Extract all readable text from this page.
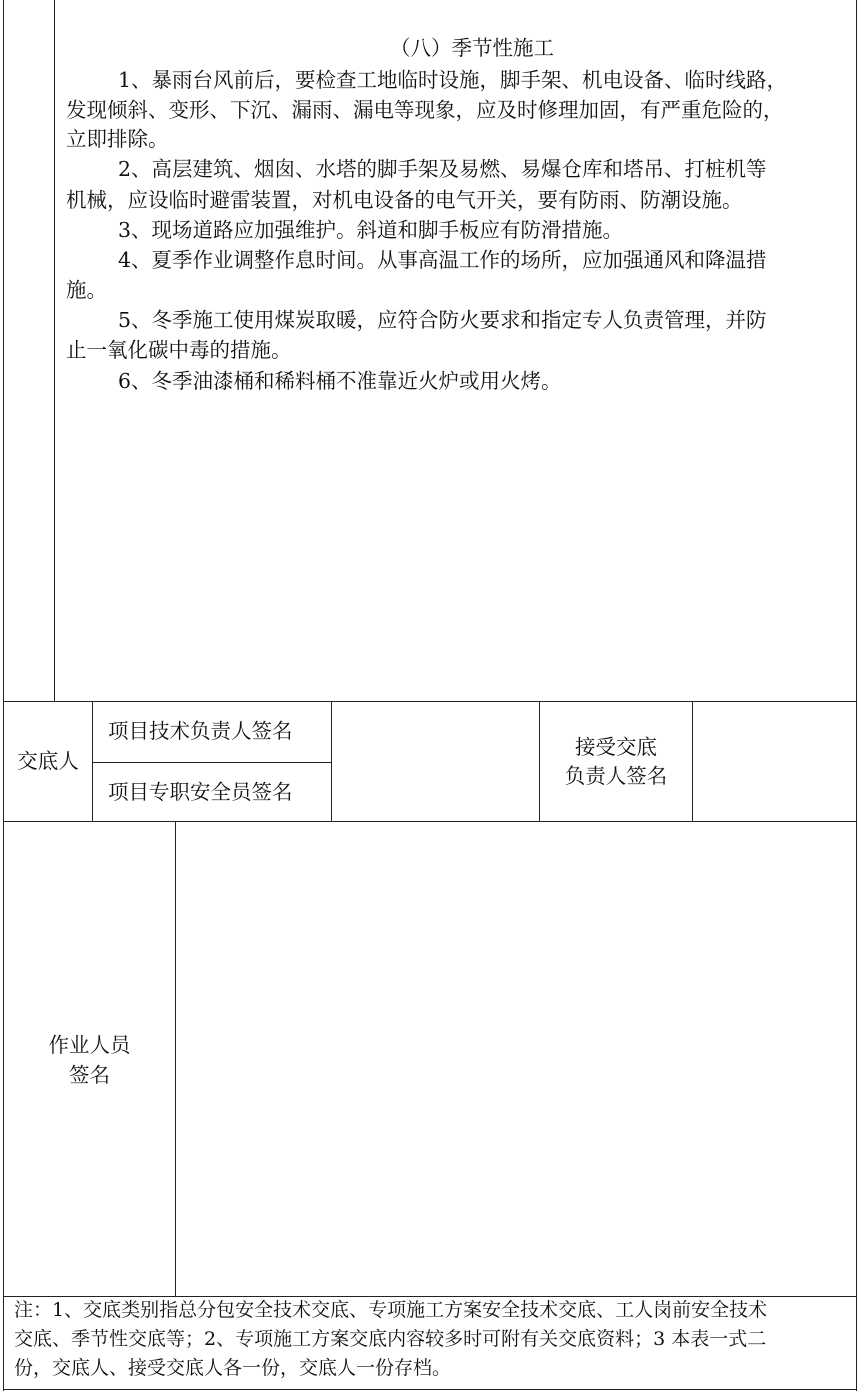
（八）季节性施工
1、暴雨台风前后，要检查工地临时设施，脚手架、机电设备、临时线路，
发现倾斜、变形、下沉、漏雨、漏电等现象，应及时修理加固，有严重危险的，
立即排除。
2、高层建筑、烟囱、水塔的脚手架及易燃、易爆仓库和塔吊、打桩机等
机械，应设临时避雷装置，对机电设备的电气开关，要有防雨、防潮设施。
3、现场道路应加强维护。斜道和脚手板应有防滑措施。
4、夏季作业调整作息时间。从事高温工作的场所，应加强通风和降温措
施。
5、冬季施工使用煤炭取暖，应符合防火要求和指定专人负责管理，并防
止一氧化碳中毒的措施。
6、冬季油漆桶和稀料桶不准靠近火炉或用火烤。
交底人
项目技术负责人签名
项目专职安全员签名
接受交底
负责人签名
作业人员
签名
注：1、交底类别指总分包安全技术交底、专项施工方案安全技术交底、工人岗前安全技术
交底、季节性交底等；2、专项施工方案交底内容较多时可附有关交底资料；3 本表一式二
份，交底人、接受交底人各一份，交底人一份存档。
